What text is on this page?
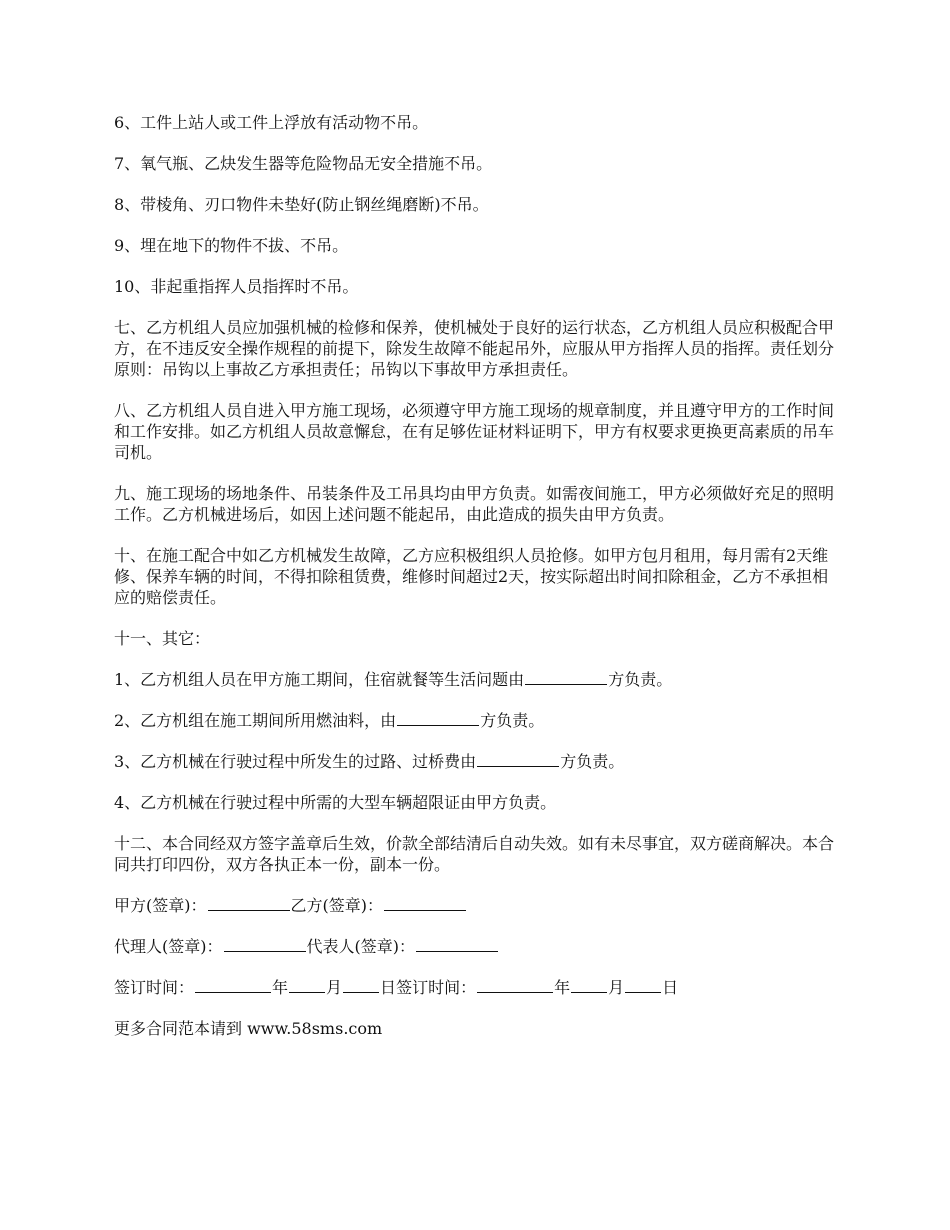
6、工件上站人或工件上浮放有活动物不吊。

7、氧气瓶、乙炔发生器等危险物品无安全措施不吊。

8、带棱角、刃口物件未垫好(防止钢丝绳磨断)不吊。

9、埋在地下的物件不拔、不吊。

10、非起重指挥人员指挥时不吊。

七、乙方机组人员应加强机械的检修和保养，使机械处于良好的运行状态，乙方机组人员应积极配合甲方，在不违反安全操作规程的前提下，除发生故障不能起吊外，应服从甲方指挥人员的指挥。责任划分原则：吊钩以上事故乙方承担责任；吊钩以下事故甲方承担责任。

八、乙方机组人员自进入甲方施工现场，必须遵守甲方施工现场的规章制度，并且遵守甲方的工作时间和工作安排。如乙方机组人员故意懈怠，在有足够佐证材料证明下，甲方有权要求更换更高素质的吊车司机。

九、施工现场的场地条件、吊装条件及工吊具均由甲方负责。如需夜间施工，甲方必须做好充足的照明工作。乙方机械进场后，如因上述问题不能起吊，由此造成的损失由甲方负责。

十、在施工配合中如乙方机械发生故障，乙方应积极组织人员抢修。如甲方包月租用，每月需有2天维修、保养车辆的时间，不得扣除租赁费，维修时间超过2天，按实际超出时间扣除租金，乙方不承担相应的赔偿责任。

十一、其它：

1、乙方机组人员在甲方施工期间，住宿就餐等生活问题由	方负责。

2、乙方机组在施工期间所用燃油料，由	方负责。

3、乙方机械在行驶过程中所发生的过路、过桥费由	方负责。

4、乙方机械在行驶过程中所需的大型车辆超限证由甲方负责。

十二、本合同经双方签字盖章后生效，价款全部结清后自动失效。如有未尽事宜，双方磋商解决。本合同共打印四份，双方各执正本一份，副本一份。

甲方(签章)：	乙方(签章)：

代理人(签章)：	代表人(签章)：

签订时间：	年 月 日签订时间：	年 月 日

更多合同范本请到 www.58sms.com
